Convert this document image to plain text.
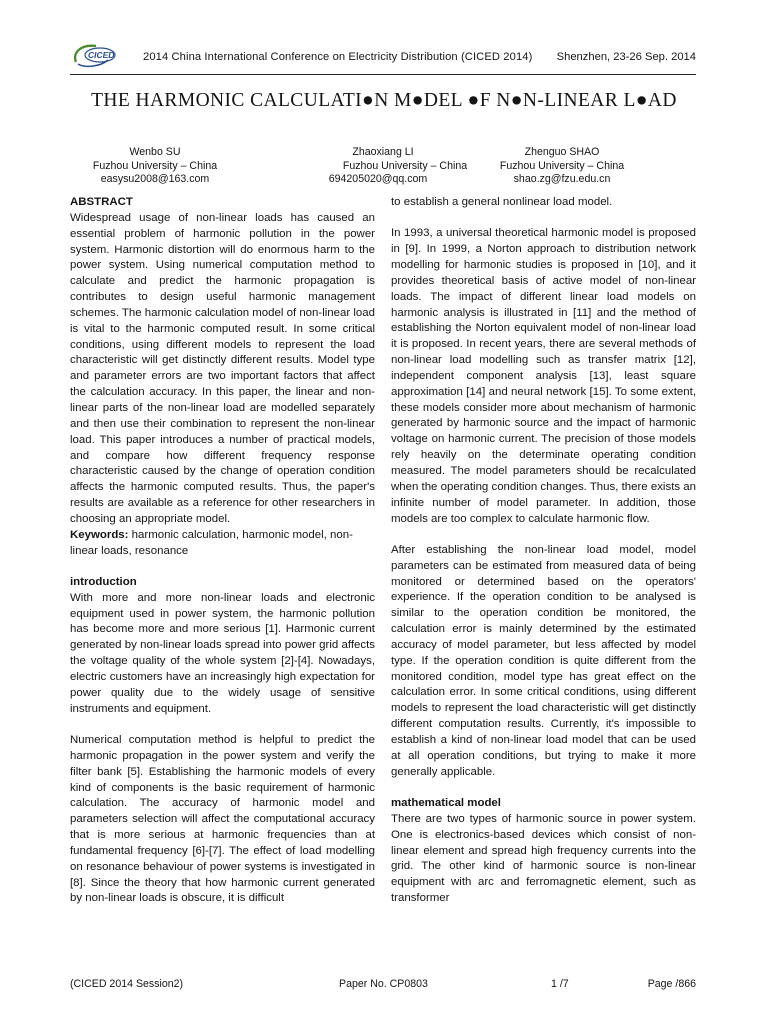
CICED	2014 China International Conference on Electricity Distribution (CICED 2014) Shenzhen, 23-26 Sep. 2014
THE HARMONIC CALCULATI●N M●DEL ●F N●N-LINEAR L●AD
Wenbo SU
Fuzhou University – China
easysu2008@163.com
Zhaoxiang LI
Fuzhou University – China
694205020@qq.com
Zhenguo SHAO
Fuzhou University – China
shao.zg@fzu.edu.cn

ABSTRACT

Widespread usage of non-linear loads has caused an essential problem of harmonic pollution in the power system. Harmonic distortion will do enormous harm to the power system. Using numerical computation method to calculate and predict the harmonic propagation is contributes to design useful harmonic management schemes. The harmonic calculation model of non-linear load is vital to the harmonic computed result. In some critical conditions, using different models to represent the load characteristic will get distinctly different results. Model type and parameter errors are two important factors that affect the calculation accuracy. In this paper, the linear and non-linear parts of the non-linear load are modelled separately and then use their combination to represent the non-linear load. This paper introduces a number of practical models, and compare how different frequency response characteristic caused by the change of operation condition affects the harmonic computed results. Thus, the paper's results are available as a reference for other researchers in choosing an appropriate model.

Keywords: harmonic calculation, harmonic model, non-linear loads, resonance

introduction

With more and more non-linear loads and electronic equipment used in power system, the harmonic pollution has become more and more serious [1]. Harmonic current generated by non-linear loads spread into power grid affects the voltage quality of the whole system [2]-[4]. Nowadays, electric customers have an increasingly high expectation for power quality due to the widely usage of sensitive instruments and equipment.

Numerical computation method is helpful to predict the harmonic propagation in the power system and verify the filter bank [5]. Establishing the harmonic models of every kind of components is the basic requirement of harmonic calculation. The accuracy of harmonic model and parameters selection will affect the computational accuracy that is more serious at harmonic frequencies than at fundamental frequency [6]-[7]. The effect of load modelling on resonance behaviour of power systems is investigated in [8]. Since the theory that how harmonic current generated by non-linear loads is obscure, it is difficult

to establish a general nonlinear load model.

In 1993, a universal theoretical harmonic model is proposed in [9]. In 1999, a Norton approach to distribution network modelling for harmonic studies is proposed in [10], and it provides theoretical basis of active model of non-linear loads. The impact of different linear load models on harmonic analysis is illustrated in [11] and the method of establishing the Norton equivalent model of non-linear load it is proposed. In recent years, there are several methods of non-linear load modelling such as transfer matrix [12], independent component analysis [13], least square approximation [14] and neural network [15]. To some extent, these models consider more about mechanism of harmonic generated by harmonic source and the impact of harmonic voltage on harmonic current. The precision of those models rely heavily on the determinate operating condition measured. The model parameters should be recalculated when the operating condition changes. Thus, there exists an infinite number of model parameter. In addition, those models are too complex to calculate harmonic flow.

After establishing the non-linear load model, model parameters can be estimated from measured data of being monitored or determined based on the operators' experience. If the operation condition to be analysed is similar to the operation condition be monitored, the calculation error is mainly determined by the estimated accuracy of model parameter, but less affected by model type. If the operation condition is quite different from the monitored condition, model type has great effect on the calculation error. In some critical conditions, using different models to represent the load characteristic will get distinctly different computation results. Currently, it's impossible to establish a kind of non-linear load model that can be used at all operation conditions, but trying to make it more generally applicable.

mathematical model

There are two types of harmonic source in power system. One is electronics-based devices which consist of non-linear element and spread high frequency currents into the grid. The other kind of harmonic source is non-linear equipment with arc and ferromagnetic element, such as transformer

(CICED 2014 Session2)	Paper No. CP0803	1 /7	Page /866
